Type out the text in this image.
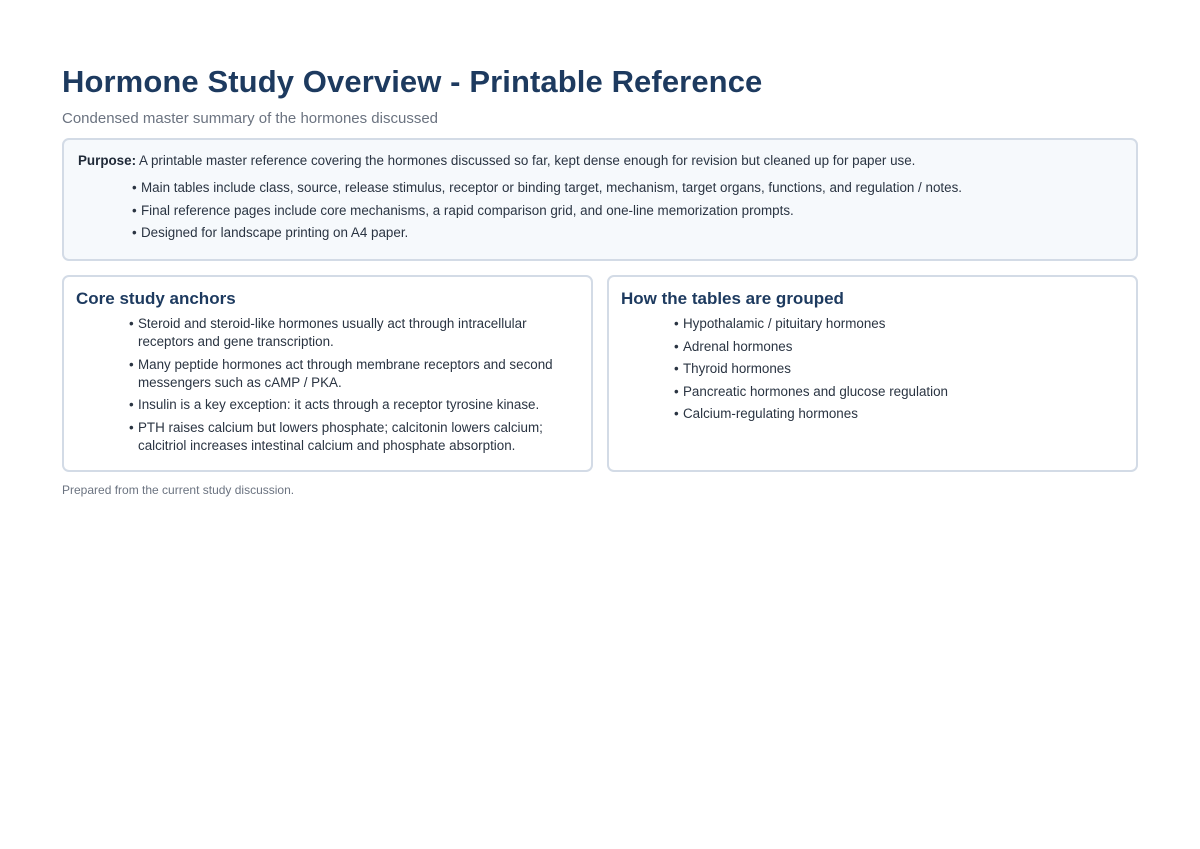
Hormone Study Overview - Printable Reference

Condensed master summary of the hormones discussed

Purpose: A printable master reference covering the hormones discussed so far, kept dense enough for revision but cleaned up for paper use.
• Main tables include class, source, release stimulus, receptor or binding target, mechanism, target organs, functions, and regulation / notes.
• Final reference pages include core mechanisms, a rapid comparison grid, and one-line memorization prompts.
• Designed for landscape printing on A4 paper.
Core study anchors
• Steroid and steroid-like hormones usually act through intracellular receptors and gene transcription.
• Many peptide hormones act through membrane receptors and second messengers such as cAMP / PKA.
• Insulin is a key exception: it acts through a receptor tyrosine kinase.
• PTH raises calcium but lowers phosphate; calcitonin lowers calcium; calcitriol increases intestinal calcium and phosphate absorption.
How the tables are grouped
• Hypothalamic / pituitary hormones
• Adrenal hormones
• Thyroid hormones
• Pancreatic hormones and glucose regulation
• Calcium-regulating hormones
Prepared from the current study discussion.
